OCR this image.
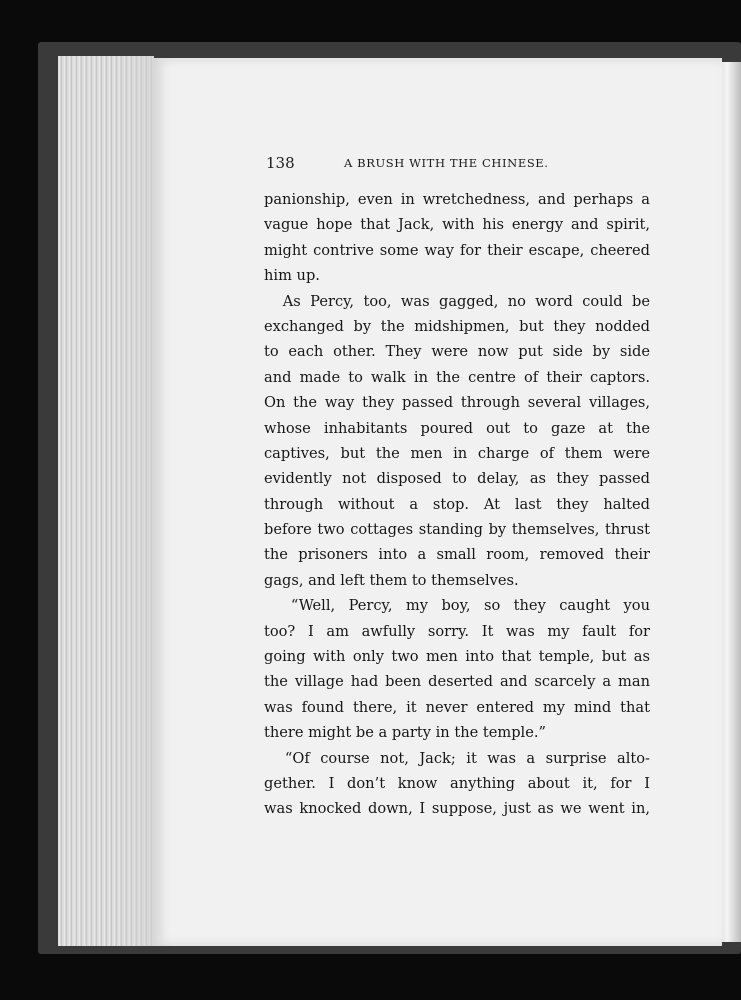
138	A BRUSH WITH THE CHINESE.
panionship, even in wretchedness, and perhaps a
vague hope that Jack, with his energy and spirit,
might contrive some way for their escape, cheered
him up.
As Percy, too, was gagged, no word could be
exchanged by the midshipmen, but they nodded
to each other. They were now put side by side
and made to walk in the centre of their captors.
On the way they passed through several villages,
whose inhabitants poured out to gaze at the
captives, but the men in charge of them were
evidently not disposed to delay, as they passed
through without a stop. At last they halted
before two cottages standing by themselves, thrust
the prisoners into a small room, removed their
gags, and left them to themselves.
“Well, Percy, my boy, so they caught you
too? I am awfully sorry. It was my fault for
going with only two men into that temple, but as
the village had been deserted and scarcely a man
was found there, it never entered my mind that
there might be a party in the temple.”
“Of course not, Jack; it was a surprise alto-
gether. I don’t know anything about it, for I
was knocked down, I suppose, just as we went in,
